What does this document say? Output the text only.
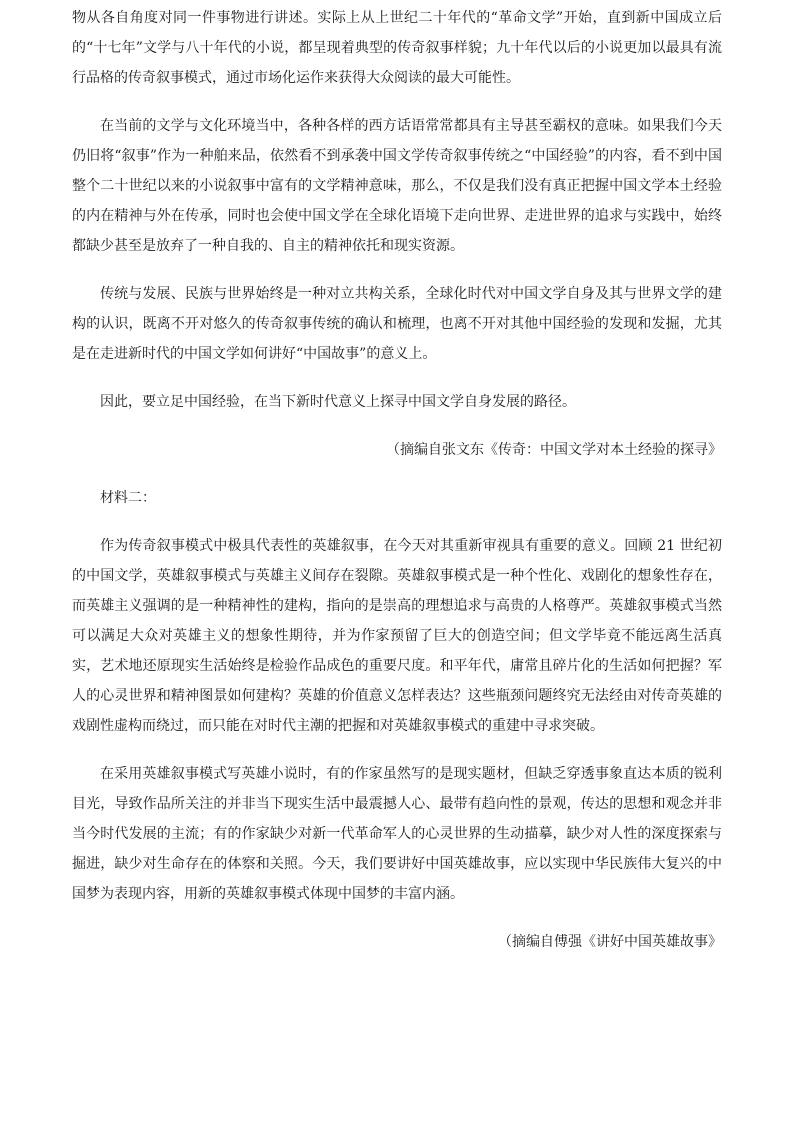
物从各自角度对同一件事物进行讲述。实际上从上世纪二十年代的“革命文学”开始，直到新中国成立后的“十七年”文学与八十年代的小说，都呈现着典型的传奇叙事样貌；九十年代以后的小说更加以最具有流行品格的传奇叙事模式，通过市场化运作来获得大众阅读的最大可能性。

在当前的文学与文化环境当中，各种各样的西方话语常常都具有主导甚至霸权的意味。如果我们今天仍旧将“叙事”作为一种舶来品，依然看不到承袭中国文学传奇叙事传统之“中国经验”的内容，看不到中国整个二十世纪以来的小说叙事中富有的文学精神意味，那么，不仅是我们没有真正把握中国文学本土经验的内在精神与外在传承，同时也会使中国文学在全球化语境下走向世界、走进世界的追求与实践中，始终都缺少甚至是放弃了一种自我的、自主的精神依托和现实资源。

传统与发展、民族与世界始终是一种对立共构关系，全球化时代对中国文学自身及其与世界文学的建构的认识，既离不开对悠久的传奇叙事传统的确认和梳理，也离不开对其他中国经验的发现和发掘，尤其是在走进新时代的中国文学如何讲好“中国故事”的意义上。

因此，要立足中国经验，在当下新时代意义上探寻中国文学自身发展的路径。

（摘编自张文东《传奇：中国文学对本土经验的探寻》

材料二：

作为传奇叙事模式中极具代表性的英雄叙事，在今天对其重新审视具有重要的意义。回顾 21 世纪初的中国文学，英雄叙事模式与英雄主义间存在裂隙。英雄叙事模式是一种个性化、戏剧化的想象性存在，而英雄主义强调的是一种精神性的建构，指向的是崇高的理想追求与高贵的人格尊严。英雄叙事模式当然可以满足大众对英雄主义的想象性期待，并为作家预留了巨大的创造空间；但文学毕竟不能远离生活真实，艺术地还原现实生活始终是检验作品成色的重要尺度。和平年代，庸常且碎片化的生活如何把握？军人的心灵世界和精神图景如何建构？英雄的价值意义怎样表达？这些瓶颈问题终究无法经由对传奇英雄的戏剧性虚构而绕过，而只能在对时代主潮的把握和对英雄叙事模式的重建中寻求突破。

在采用英雄叙事模式写英雄小说时，有的作家虽然写的是现实题材，但缺乏穿透事象直达本质的锐利目光，导致作品所关注的并非当下现实生活中最震撼人心、最带有趋向性的景观，传达的思想和观念并非当今时代发展的主流；有的作家缺少对新一代革命军人的心灵世界的生动描摹，缺少对人性的深度探索与掘进，缺少对生命存在的体察和关照。今天，我们要讲好中国英雄故事，应以实现中华民族伟大复兴的中国梦为表现内容，用新的英雄叙事模式体现中国梦的丰富内涵。

（摘编自傅强《讲好中国英雄故事》
